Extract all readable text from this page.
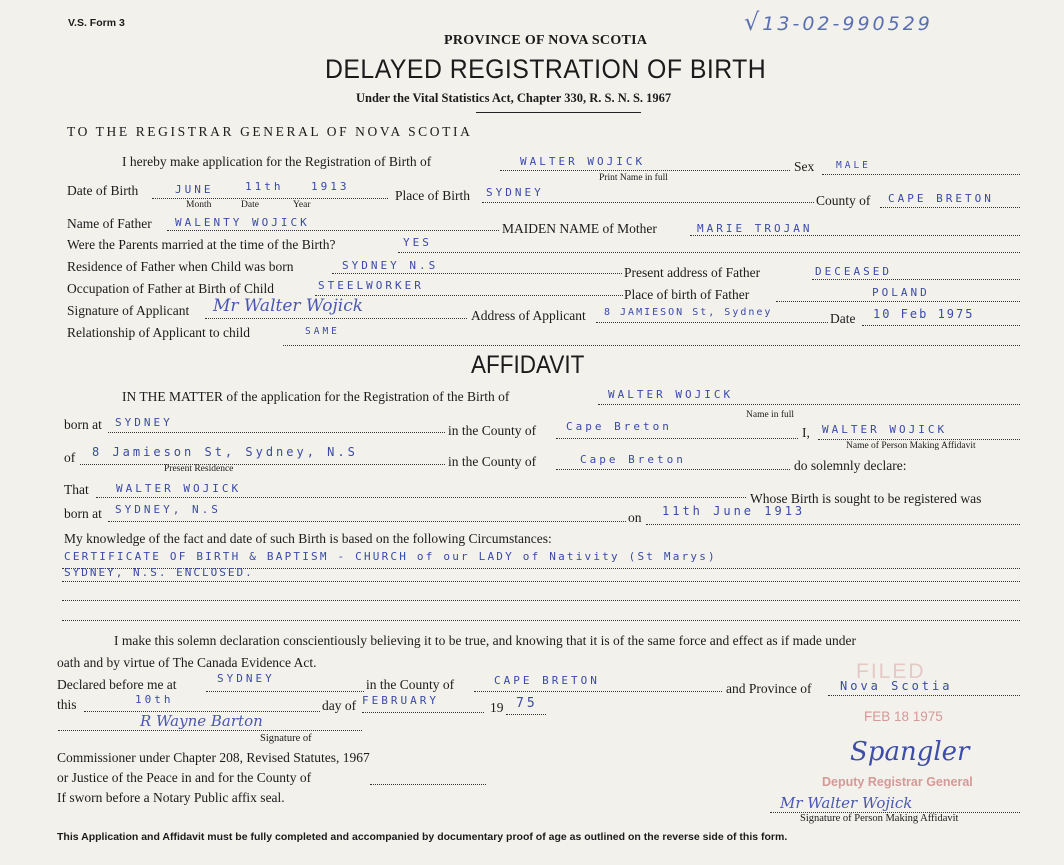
V.S. Form 3	√13-02-990529
PROVINCE OF NOVA SCOTIA
DELAYED REGISTRATION OF BIRTH
Under the Vital Statistics Act, Chapter 330, R. S. N. S. 1967
TO THE REGISTRAR GENERAL OF NOVA SCOTIA
I hereby make application for the Registration of Birth of	WALTER WOJICK
Print Name in full
Sex MALE
Date of Birth	JUNE	11th	1913
Month	Date	Year
Place of Birth SYDNEY
County of CAPE BRETON
Name of Father WALENTY WOJICK	MAIDEN NAME of Mother	MARIE TROJAN
Were the Parents married at the time of the Birth?	YES
Residence of Father when Child was born	SYDNEY N.S	Present address of Father	DECEASED
Occupation of Father at Birth of Child	STEELWORKER
Place of birth of Father	POLAND
Signature of Applicant Mr Walter Wojick	Address of Applicant 8 JAMIESON St, Sydney	Date 10 Feb 1975
Relationship of Applicant to child	SAME
AFFIDAVIT
IN THE MATTER of the application for the Registration of the Birth of	WALTER WOJICK
Name in full
born at SYDNEY
in the County of	Cape Breton	I, WALTER WOJICK
Name of Person Making Affidavit
of 8 Jamieson St, Sydney, N.S
Present Residence	in the County of	Cape Breton	do solemnly declare:
That WALTER WOJICK
Whose Birth is sought to be registered was
born at SYDNEY, N.S
on 11th June 1913
My knowledge of the fact and date of such Birth is based on the following Circumstances:
CERTIFICATE OF BIRTH & BAPTISM - CHURCH of our LADY of Nativity (St Marys)
SYDNEY, N.S. ENCLOSED.
I make this solemn declaration conscientiously believing it to be true, and knowing that it is of the same force and effect as if made under
oath and by virtue of The Canada Evidence Act.
Declared before me at	SYDNEY	in the County of	CAPE BRETON
and Province of Nova Scotia
this	10th	day of FEBRUARY	19 75
R Wayne Barton
Signature of
Commissioner under Chapter 208, Revised Statutes, 1967
or Justice of the Peace in and for the County of
If sworn before a Notary Public affix seal.
FILED
FEB 18 1975
Deputy Registrar General
Spangler
Mr Walter Wojick
Signature of Person Making Affidavit
This Application and Affidavit must be fully completed and accompanied by documentary proof of age as outlined on the reverse side of this form.
